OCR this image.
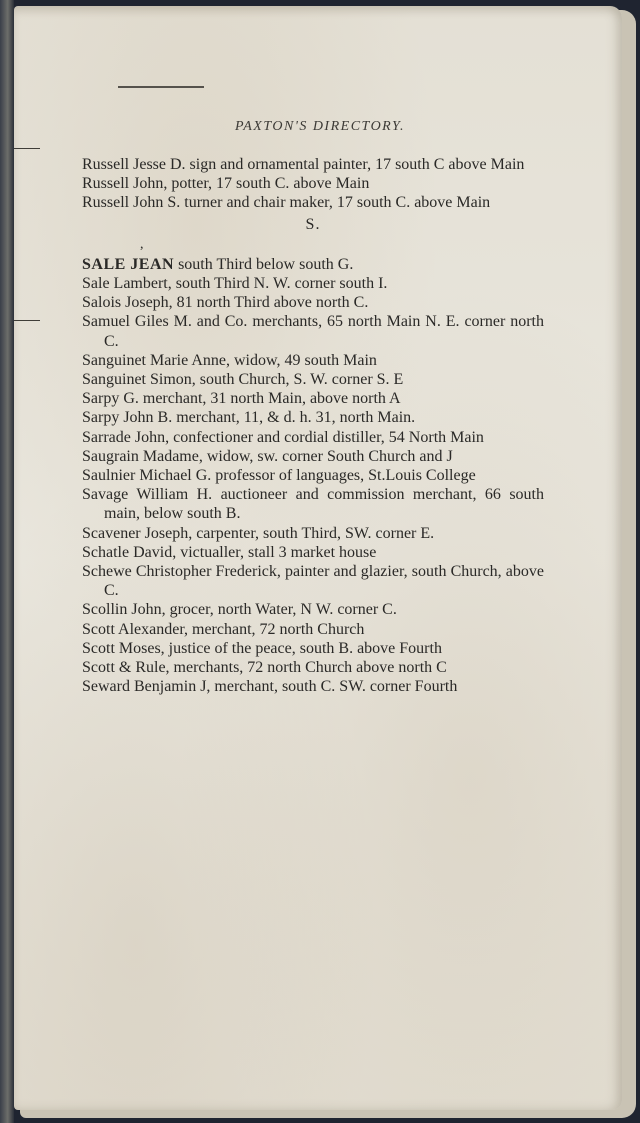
PAXTON'S DIRECTORY.

Russell Jesse D. sign and ornamental painter, 17 south C above Main

Russell John, potter, 17 south C. above Main

Russell John S. turner and chair maker, 17 south C. above Main

S.

,

SALE JEAN south Third below south G.

Sale Lambert, south Third N. W. corner south I.

Salois Joseph, 81 north Third above north C.

Samuel Giles M. and Co. merchants, 65 north Main N. E. corner north C.

Sanguinet Marie Anne, widow, 49 south Main

Sanguinet Simon, south Church, S. W. corner S. E

Sarpy G. merchant, 31 north Main, above north A

Sarpy John B. merchant, 11, & d. h. 31, north Main.

Sarrade John, confectioner and cordial distiller, 54 North Main

Saugrain Madame, widow, sw. corner South Church and J

Saulnier Michael G. professor of languages, St.Louis College

Savage William H. auctioneer and commission merchant, 66 south main, below south B.

Scavener Joseph, carpenter, south Third, SW. corner E.

Schatle David, victualler, stall 3 market house

Schewe Christopher Frederick, painter and glazier, south Church, above C.

Scollin John, grocer, north Water, N W. corner C.

Scott Alexander, merchant, 72 north Church

Scott Moses, justice of the peace, south B. above Fourth

Scott & Rule, merchants, 72 north Church above north C

Seward Benjamin J, merchant, south C. SW. corner Fourth
